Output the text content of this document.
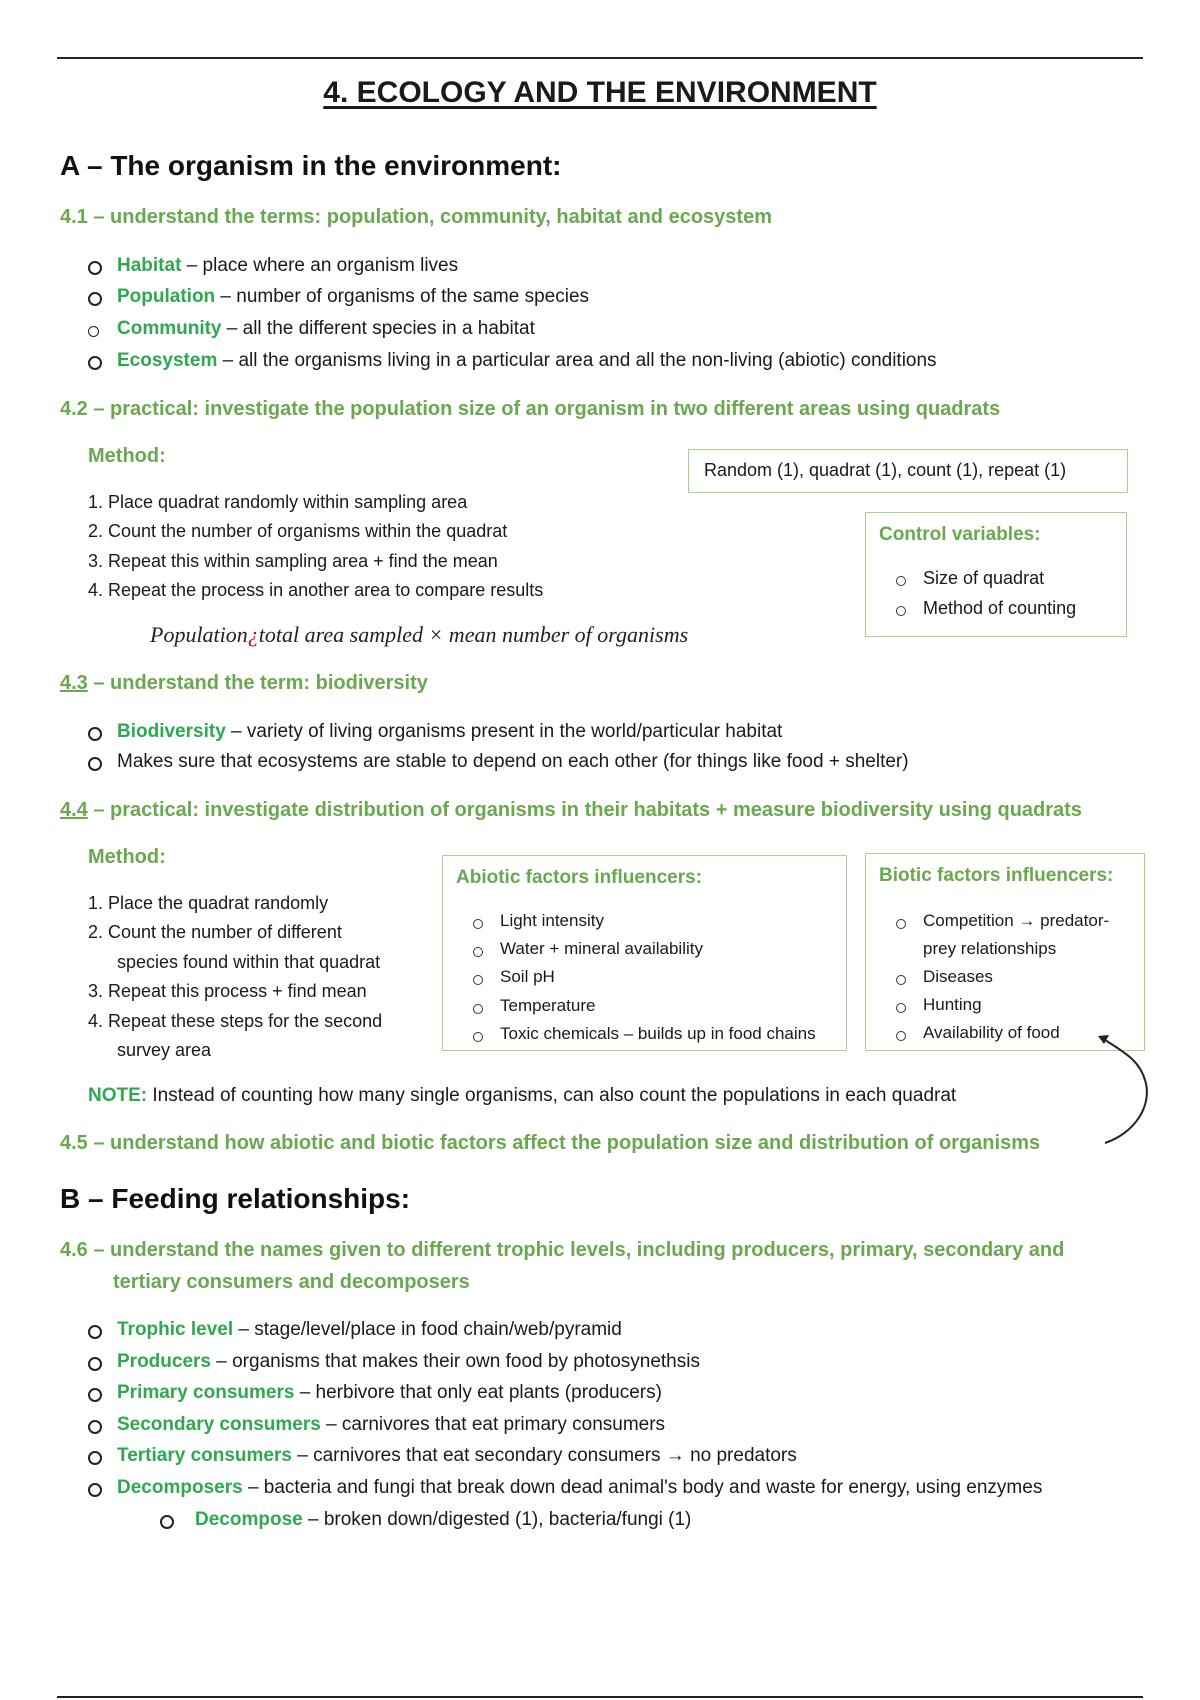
4. ECOLOGY AND THE ENVIRONMENT
A – The organism in the environment:
4.1 – understand the terms: population, community, habitat and ecosystem
Habitat – place where an organism lives
Population – number of organisms of the same species
Community – all the different species in a habitat
Ecosystem – all the organisms living in a particular area and all the non-living (abiotic) conditions
4.2 – practical: investigate the population size of an organism in two different areas using quadrats
Method:
Random (1), quadrat (1), count (1), repeat (1)
1. Place quadrat randomly within sampling area
2. Count the number of organisms within the quadrat
3. Repeat this within sampling area + find the mean
4. Repeat the process in another area to compare results
Control variables:
Size of quadrat
Method of counting
Population¿total area sampled × mean number of organisms
4.3 – understand the term: biodiversity
Biodiversity – variety of living organisms present in the world/particular habitat
Makes sure that ecosystems are stable to depend on each other (for things like food + shelter)
4.4 – practical: investigate distribution of organisms in their habitats + measure biodiversity using quadrats
Method:
1. Place the quadrat randomly
2. Count the number of different
species found within that quadrat
3. Repeat this process + find mean
4. Repeat these steps for the second
survey area
Abiotic factors influencers:
Light intensity
Water + mineral availability
Soil pH
Temperature
Toxic chemicals – builds up in food chains
Biotic factors influencers:
Competition → predator-
prey relationships
Diseases
Hunting
Availability of food
NOTE: Instead of counting how many single organisms, can also count the populations in each quadrat
4.5 – understand how abiotic and biotic factors affect the population size and distribution of organisms
B – Feeding relationships:
4.6 – understand the names given to different trophic levels, including producers, primary, secondary and
tertiary consumers and decomposers
Trophic level – stage/level/place in food chain/web/pyramid
Producers – organisms that makes their own food by photosynethsis
Primary consumers – herbivore that only eat plants (producers)
Secondary consumers – carnivores that eat primary consumers
Tertiary consumers – carnivores that eat secondary consumers → no predators
Decomposers – bacteria and fungi that break down dead animal's body and waste for energy, using enzymes
Decompose – broken down/digested (1), bacteria/fungi (1)
